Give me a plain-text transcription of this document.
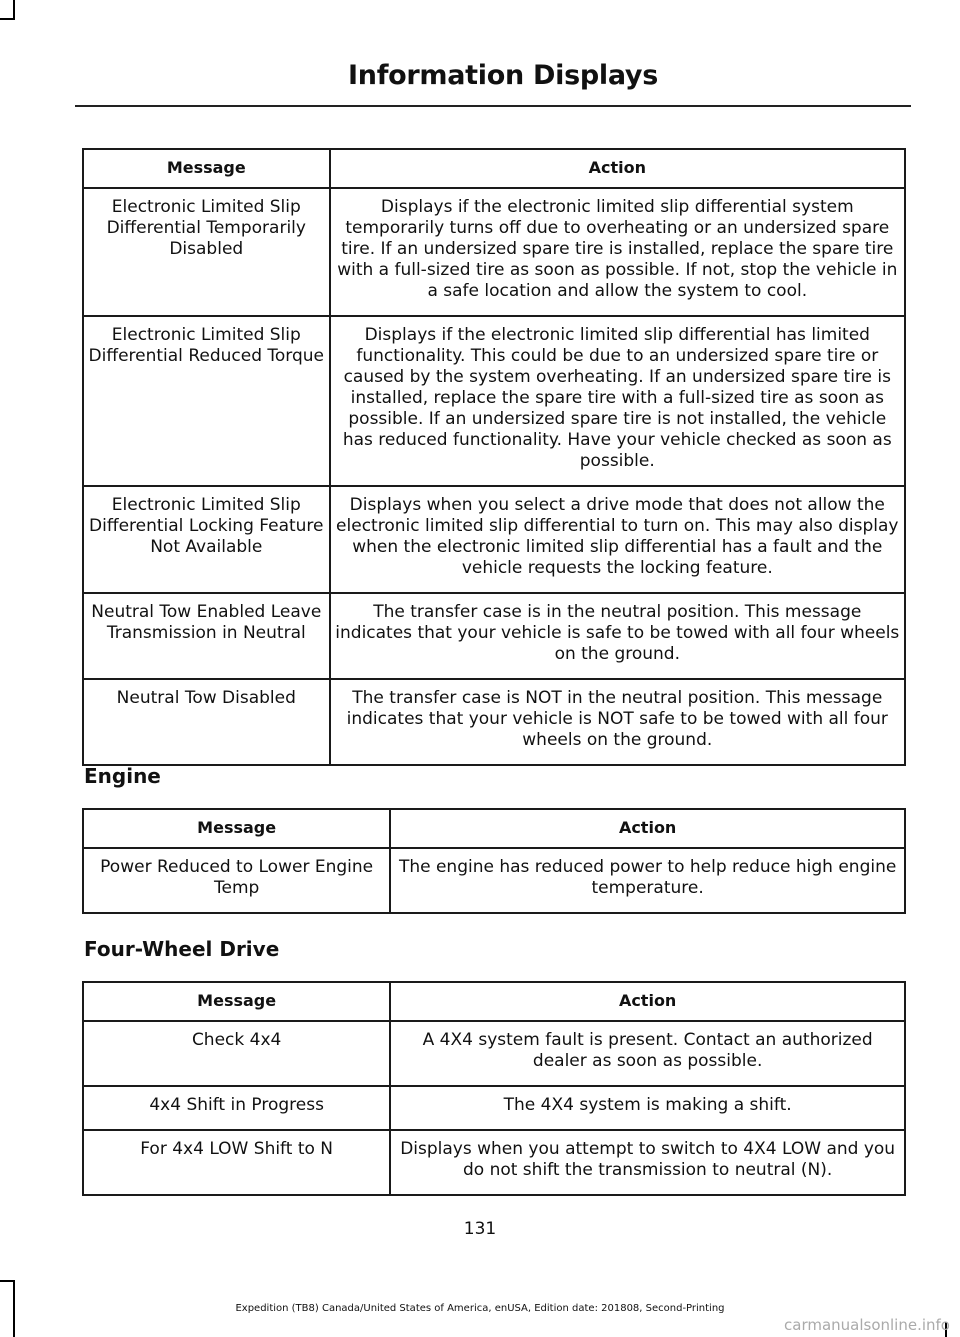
Information Displays
Message	Action
Electronic Limited Slip Differential Temporarily Disabled	Displays if the electronic limited slip differential system temporarily turns off due to overheating or an undersized spare tire. If an undersized spare tire is installed, replace the spare tire with a full-sized tire as soon as possible. If not, stop the vehicle in a safe location and allow the system to cool.
Electronic Limited Slip Differential Reduced Torque	Displays if the electronic limited slip differential has limited functionality. This could be due to an undersized spare tire or caused by the system overheating. If an undersized spare tire is installed, replace the spare tire with a full-sized tire as soon as possible. If an undersized spare tire is not installed, the vehicle has reduced functionality. Have your vehicle checked as soon as possible.
Electronic Limited Slip Differential Locking Feature Not Available	Displays when you select a drive mode that does not allow the electronic limited slip differential to turn on. This may also display when the electronic limited slip differential has a fault and the vehicle requests the locking feature.
Neutral Tow Enabled Leave Transmission in Neutral	The transfer case is in the neutral position. This message indicates that your vehicle is safe to be towed with all four wheels on the ground.
Neutral Tow Disabled	The transfer case is NOT in the neutral position. This message indicates that your vehicle is NOT safe to be towed with all four wheels on the ground.
Engine
Message	Action
Power Reduced to Lower Engine Temp	The engine has reduced power to help reduce high engine temperature.
Four-Wheel Drive
Message	Action
Check 4x4	A 4X4 system fault is present. Contact an authorized dealer as soon as possible.
4x4 Shift in Progress	The 4X4 system is making a shift.
For 4x4 LOW Shift to N	Displays when you attempt to switch to 4X4 LOW and you do not shift the transmission to neutral (N).
131
Expedition (TB8) Canada/United States of America, enUSA, Edition date: 201808, Second-Printing
carmanualsonline.info
